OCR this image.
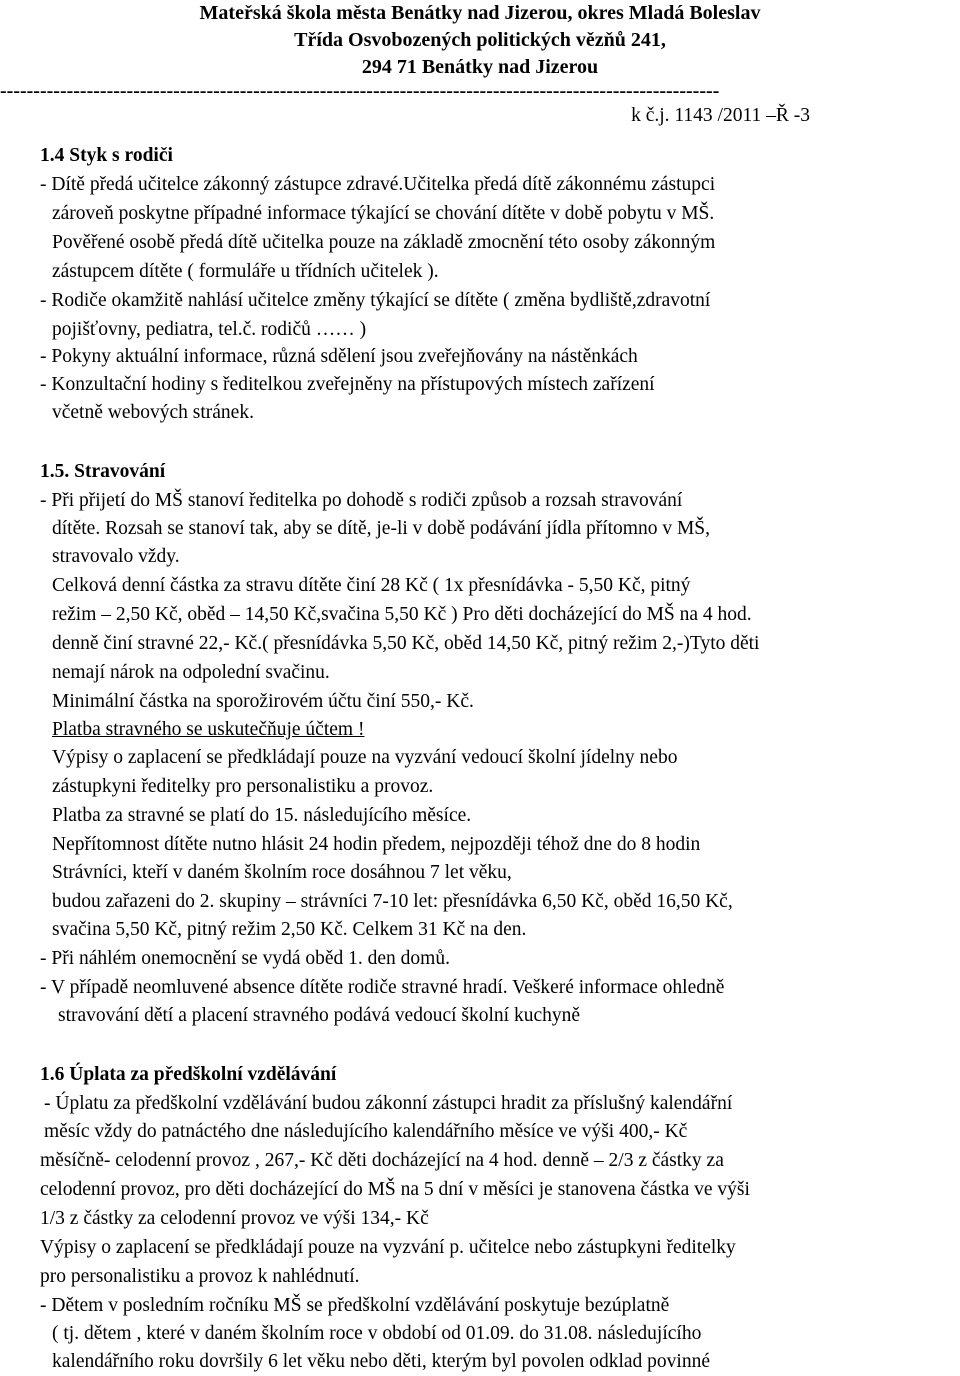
Mateřská škola města Benátky nad Jizerou, okres Mladá Boleslav
Třída Osvobozených politických vězňů 241,
294 71 Benátky nad Jizerou
------------------------------------------------------------------------------------------------------------
k č.j. 1143 /2011 –Ř -3
1.4 Styk s rodiči
- Dítě předá učitelce zákonný zástupce zdravé.Učitelka předá dítě zákonnému zástupci
zároveň poskytne případné informace týkající se chování dítěte v době pobytu v MŠ.
Pověřené osobě předá dítě učitelka pouze na základě zmocnění této osoby zákonným
zástupcem dítěte ( formuláře u třídních učitelek ).
- Rodiče okamžitě nahlásí učitelce změny týkající se dítěte ( změna bydliště,zdravotní
pojišťovny, pediatra, tel.č. rodičů …… )
- Pokyny aktuální informace, různá sdělení jsou zveřejňovány na nástěnkách
- Konzultační hodiny s ředitelkou zveřejněny na přístupových místech zařízení
včetně webových stránek.
1.5. Stravování
- Při přijetí do MŠ stanoví ředitelka po dohodě s rodiči způsob a rozsah stravování
dítěte. Rozsah se stanoví tak, aby se dítě, je-li v době podávání jídla přítomno v MŠ,
stravovalo vždy.
Celková denní částka za stravu dítěte činí 28 Kč ( 1x přesnídávka - 5,50 Kč, pitný
režim – 2,50 Kč, oběd – 14,50 Kč,svačina 5,50 Kč ) Pro děti docházející do MŠ na 4 hod.
denně činí stravné 22,- Kč.( přesnídávka 5,50 Kč, oběd 14,50 Kč, pitný režim 2,-)Tyto děti
nemají nárok na odpolední svačinu.
Minimální částka na sporožirovém účtu činí 550,- Kč.
Platba stravného se uskutečňuje účtem !
Výpisy o zaplacení se předkládají pouze na vyzvání vedoucí školní jídelny nebo
zástupkyni ředitelky pro personalistiku a provoz.
Platba za stravné se platí do 15. následujícího měsíce.
Nepřítomnost dítěte nutno hlásit 24 hodin předem, nejpozději téhož dne do 8 hodin
Strávníci, kteří v daném školním roce dosáhnou 7 let věku,
budou zařazeni do 2. skupiny – strávníci 7-10 let: přesnídávka 6,50 Kč, oběd 16,50 Kč,
svačina 5,50 Kč, pitný režim 2,50 Kč. Celkem 31 Kč na den.
- Při náhlém onemocnění se vydá oběd 1. den domů.
- V případě neomluvené absence dítěte rodiče stravné hradí. Veškeré informace ohledně
stravování dětí a placení stravného podává vedoucí školní kuchyně
1.6 Úplata za předškolní vzdělávání
- Úplatu za předškolní vzdělávání budou zákonní zástupci hradit za příslušný kalendářní
měsíc vždy do patnáctého dne následujícího kalendářního měsíce ve výši 400,- Kč
měsíčně- celodenní provoz , 267,- Kč děti docházející na 4 hod. denně – 2/3 z částky za
celodenní provoz, pro děti docházející do MŠ na 5 dní v měsíci je stanovena částka ve výši
1/3 z částky za celodenní provoz ve výši 134,- Kč
Výpisy o zaplacení se předkládají pouze na vyzvání p. učitelce nebo zástupkyni ředitelky
pro personalistiku a provoz k nahlédnutí.
- Dětem v posledním ročníku MŠ se předškolní vzdělávání poskytuje bezúplatně
( tj. dětem , které v daném školním roce v období od 01.09. do 31.08. následujícího
kalendářního roku dovršily 6 let věku nebo děti, kterým byl povolen odklad povinné
